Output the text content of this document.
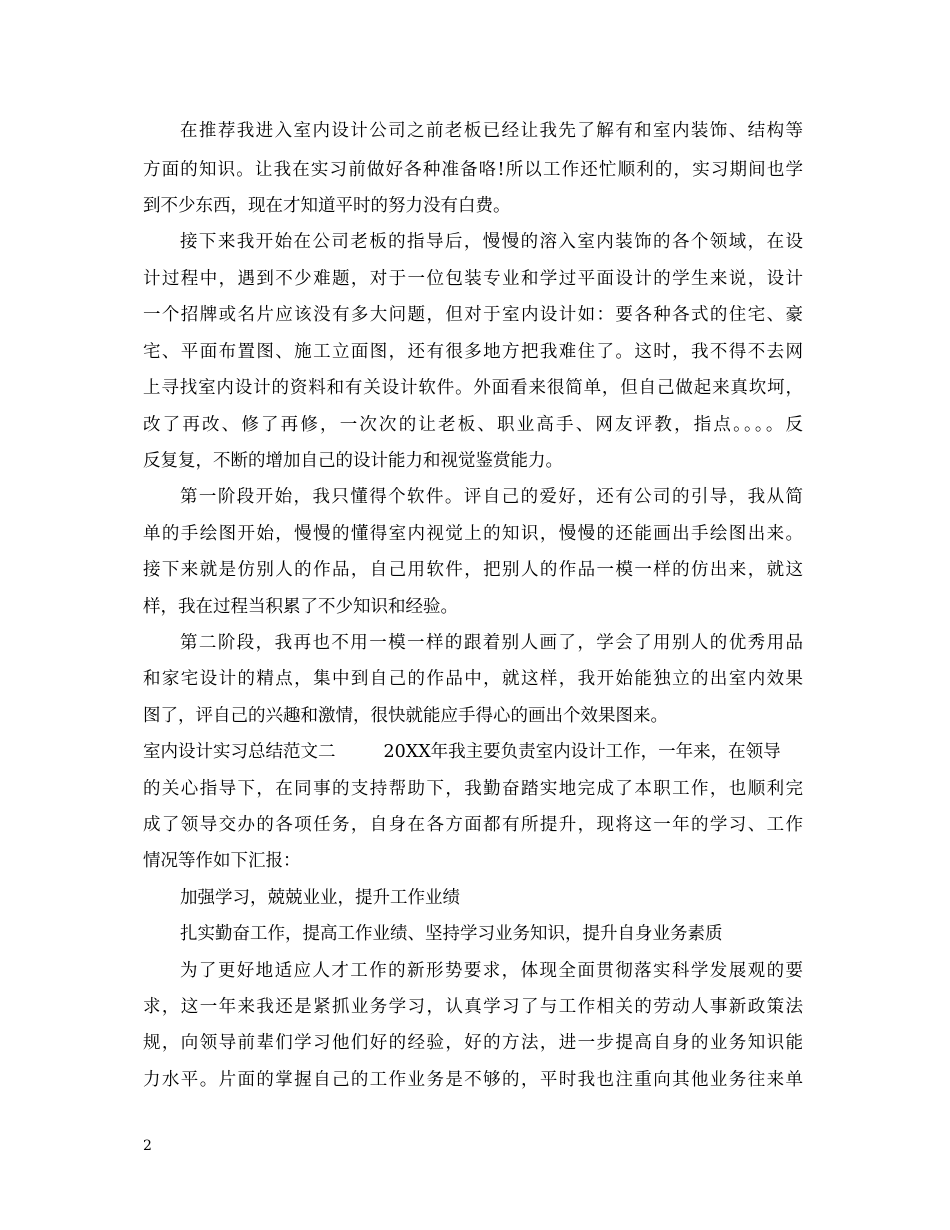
在推荐我进入室内设计公司之前老板已经让我先了解有和室内装饰、结构等
方面的知识。让我在实习前做好各种准备咯!所以工作还忙顺利的，实习期间也学
到不少东西，现在才知道平时的努力没有白费。
接下来我开始在公司老板的指导后，慢慢的溶入室内装饰的各个领域，在设
计过程中，遇到不少难题，对于一位包装专业和学过平面设计的学生来说，设计
一个招牌或名片应该没有多大问题，但对于室内设计如：要各种各式的住宅、豪
宅、平面布置图、施工立面图，还有很多地方把我难住了。这时，我不得不去网
上寻找室内设计的资料和有关设计软件。外面看来很简单，但自己做起来真坎坷，
改了再改、修了再修，一次次的让老板、职业高手、网友评教，指点。。。。反
反复复，不断的增加自己的设计能力和视觉鉴赏能力。
第一阶段开始，我只懂得个软件。评自己的爱好，还有公司的引导，我从简
单的手绘图开始，慢慢的懂得室内视觉上的知识，慢慢的还能画出手绘图出来。
接下来就是仿别人的作品，自己用软件，把别人的作品一模一样的仿出来，就这
样，我在过程当积累了不少知识和经验。
第二阶段，我再也不用一模一样的跟着别人画了，学会了用别人的优秀用品
和家宅设计的精点，集中到自己的作品中，就这样，我开始能独立的出室内效果
图了，评自己的兴趣和激情，很快就能应手得心的画出个效果图来。
室内设计实习总结范文二	20XX年我主要负责室内设计工作，一年来，在领导
的关心指导下，在同事的支持帮助下，我勤奋踏实地完成了本职工作，也顺利完
成了领导交办的各项任务，自身在各方面都有所提升，现将这一年的学习、工作
情况等作如下汇报：
加强学习，兢兢业业，提升工作业绩
扎实勤奋工作，提高工作业绩、坚持学习业务知识，提升自身业务素质
为了更好地适应人才工作的新形势要求，体现全面贯彻落实科学发展观的要
求，这一年来我还是紧抓业务学习，认真学习了与工作相关的劳动人事新政策法
规，向领导前辈们学习他们好的经验，好的方法，进一步提高自身的业务知识能
力水平。片面的掌握自己的工作业务是不够的，平时我也注重向其他业务往来单
2
